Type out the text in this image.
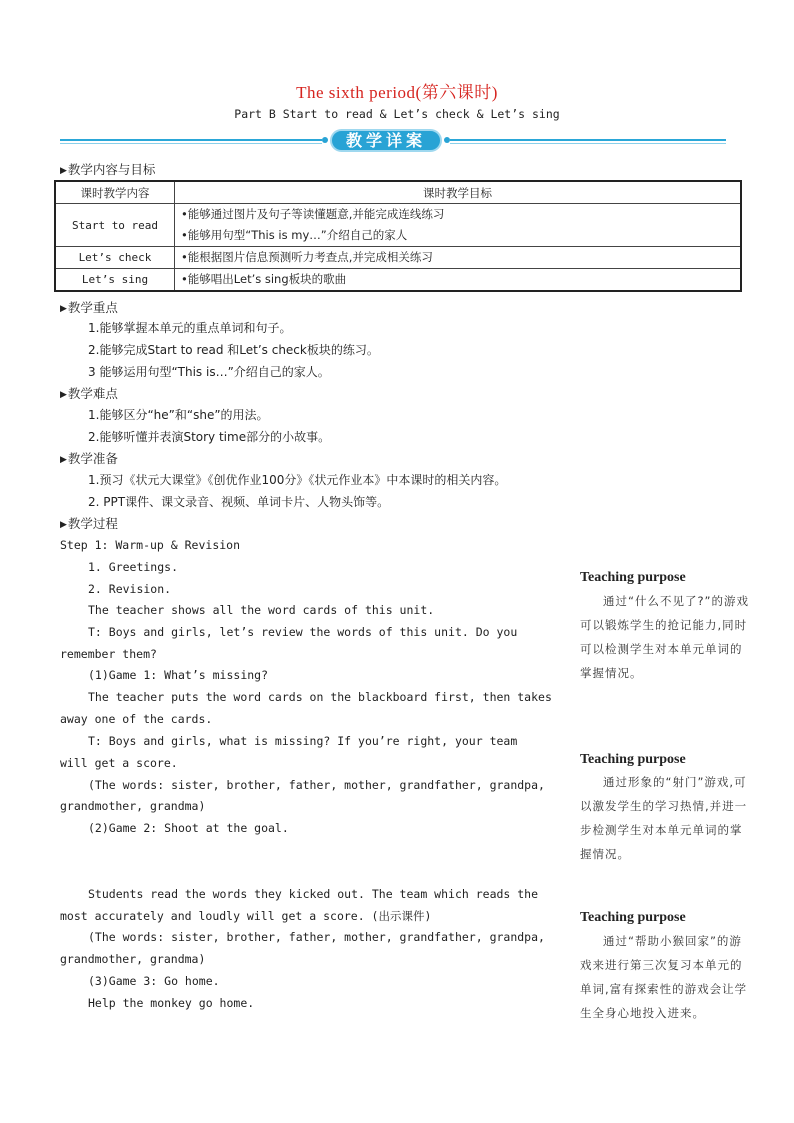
The sixth period(第六课时)
Part B Start to read & Let’s check & Let’s sing
教学详案
▶教学内容与目标
课时教学内容	课时教学目标
Start to read	•能够通过图片及句子等读懂题意,并能完成连线练习
•能够用句型“This is my…”介绍自己的家人

Let’s check	•能根据图片信息预测听力考查点,并完成相关练习

Let’s sing	•能够唱出Let’s sing板块的歌曲
▶教学重点
1.能够掌握本单元的重点单词和句子。
2.能够完成Start to read 和Let’s check板块的练习。
3 能够运用句型“This is…”介绍自己的家人。
▶教学难点
1.能够区分“he”和“she”的用法。
2.能够听懂并表演Story time部分的小故事。
▶教学准备
1.预习《状元大课堂》《创优作业100分》《状元作业本》中本课时的相关内容。
2. PPT课件、课文录音、视频、单词卡片、人物头饰等。
▶教学过程
Step 1: Warm-up & Revision
1. Greetings.
2. Revision.
The teacher shows all the word cards of this unit.
T: Boys and girls, let’s review the words of this unit. Do you
remember them?
(1)Game 1: What’s missing?
The teacher puts the word cards on the blackboard first, then takes
away one of the cards.
T: Boys and girls, what is missing? If you’re right, your team
will get a score.
(The words: sister, brother, father, mother, grandfather, grandpa,
grandmother, grandma)
(2)Game 2: Shoot at the goal.
Students read the words they kicked out. The team which reads the
most accurately and loudly will get a score. (出示课件)
(The words: sister, brother, father, mother, grandfather, grandpa,
grandmother, grandma)
(3)Game 3: Go home.
Help the monkey go home.
Teaching purpose
通过“什么不见了?”的游戏可以锻炼学生的抢记能力,同时可以检测学生对本单元单词的掌握情况。
Teaching purpose
通过形象的“射门”游戏,可以激发学生的学习热情,并进一步检测学生对本单元单词的掌握情况。
Teaching purpose
通过“帮助小猴回家”的游戏来进行第三次复习本单元的单词,富有探索性的游戏会让学生全身心地投入进来。
